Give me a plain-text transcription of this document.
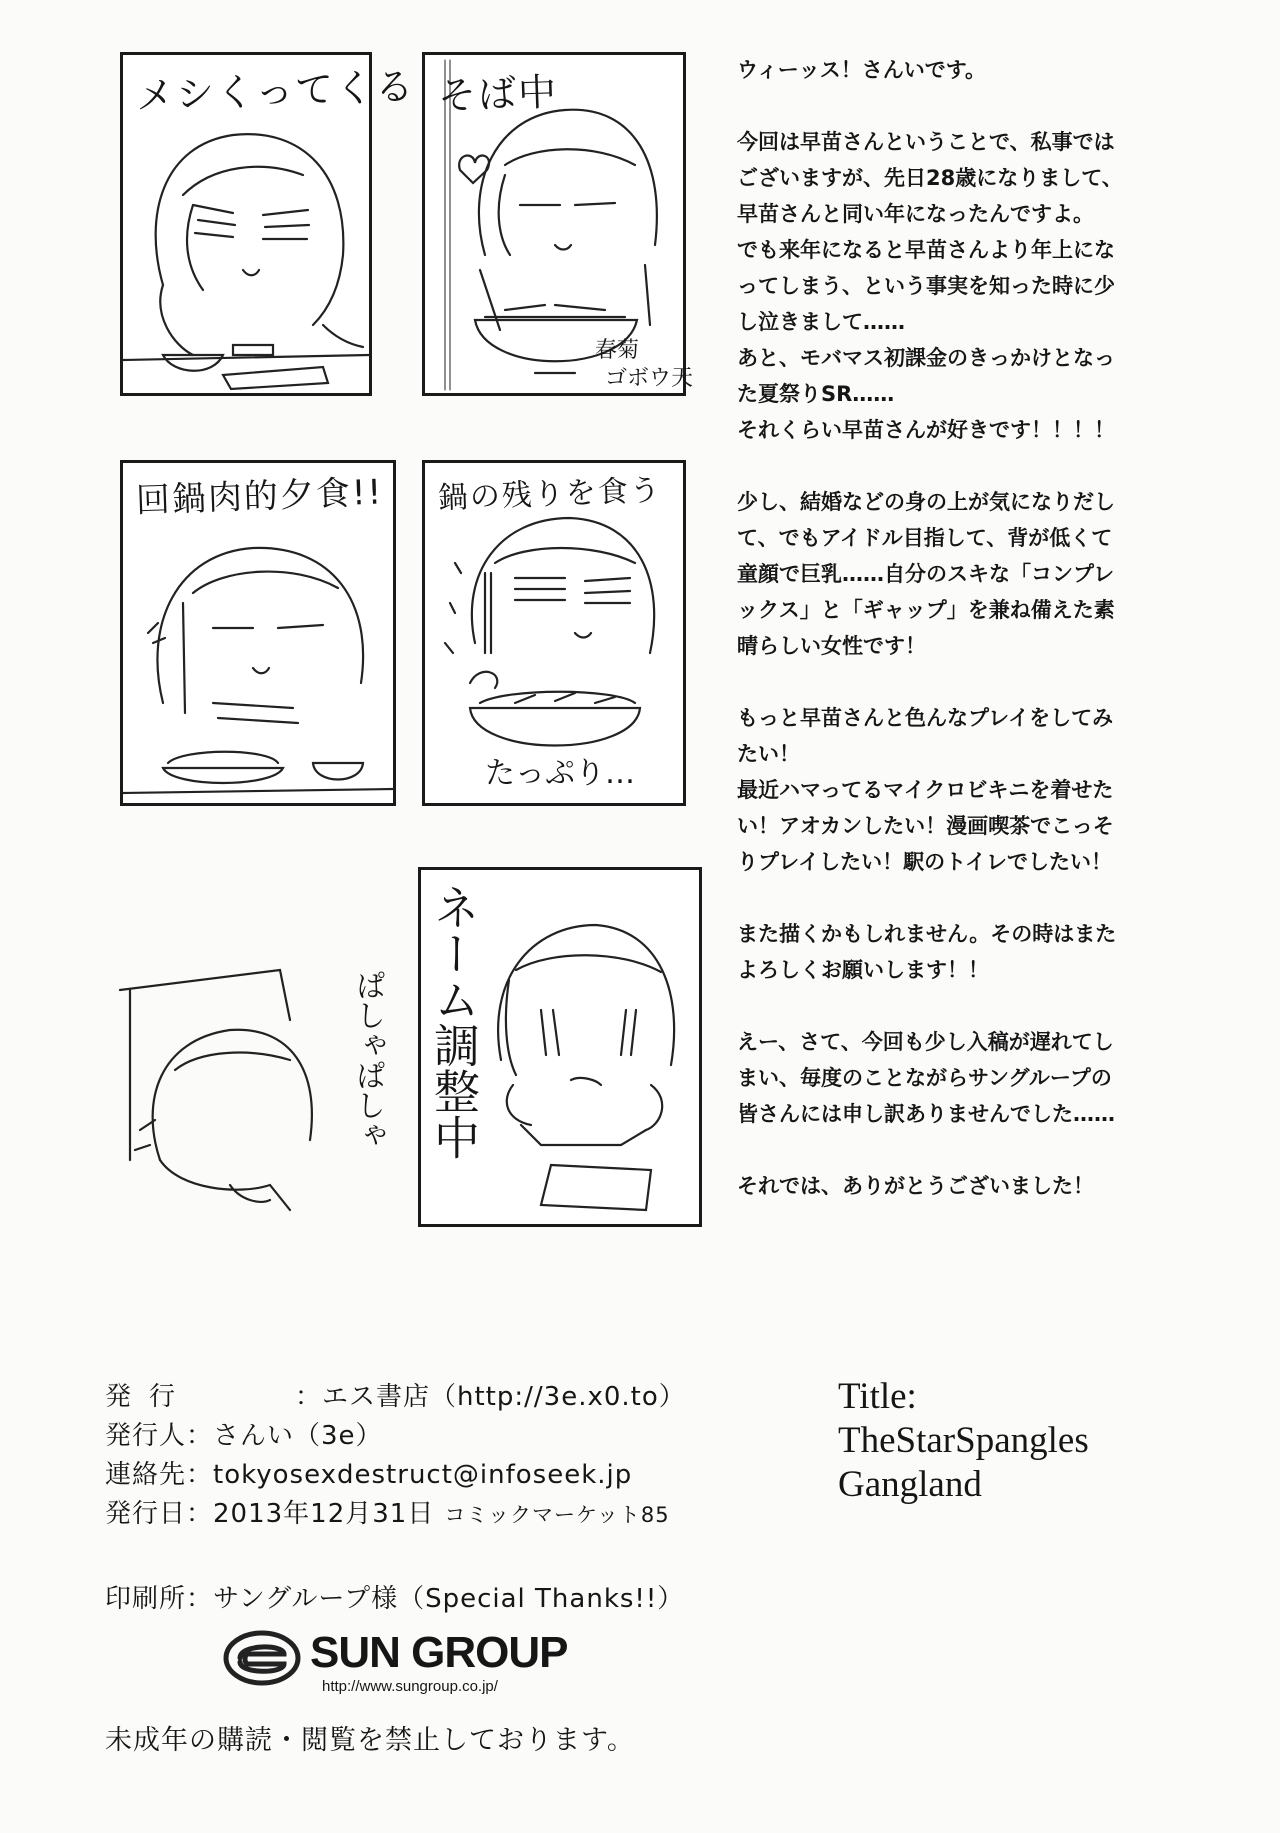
メシくってくる そば中
春菊
ゴボウ天
回鍋肉的夕食!! 鍋の残りを食う
たっぷり…
ネーム調整中
ぱしゃぱしゃ

ウィーッス！さんいです。

今回は早苗さんということで、私事では
ございますが、先日28歳になりまして、
早苗さんと同い年になったんですよ。
でも来年になると早苗さんより年上にな
ってしまう、という事実を知った時に少
し泣きまして……
あと、モバマス初課金のきっかけとなっ
た夏祭りSR……
それくらい早苗さんが好きです！！！！

少し、結婚などの身の上が気になりだし
て、でもアイドル目指して、背が低くて
童顔で巨乳……自分のスキな「コンプレ
ックス」と「ギャップ」を兼ね備えた素
晴らしい女性です！

もっと早苗さんと色んなプレイをしてみ
たい！
最近ハマってるマイクロビキニを着せた
い！アオカンしたい！漫画喫茶でこっそ
りプレイしたい！駅のトイレでしたい！

また描くかもしれません。その時はまた
よろしくお願いします！！

えー、さて、今回も少し入稿が遅れてし
まい、毎度のことながらサングループの
皆さんには申し訳ありませんでした……

それでは、ありがとうございました！

発行	：エス書店（http://3e.x0.to）
発行人：さんい（3e）
連絡先：tokyosexdestruct@infoseek.jp
発行日：2013年12月31日 コミックマーケット85
印刷所：サングループ様（Special Thanks!!）
SUN GROUP
http://www.sungroup.co.jp/
未成年の購読・閲覧を禁止しております。
Title:
TheStarSpangles
Gangland
